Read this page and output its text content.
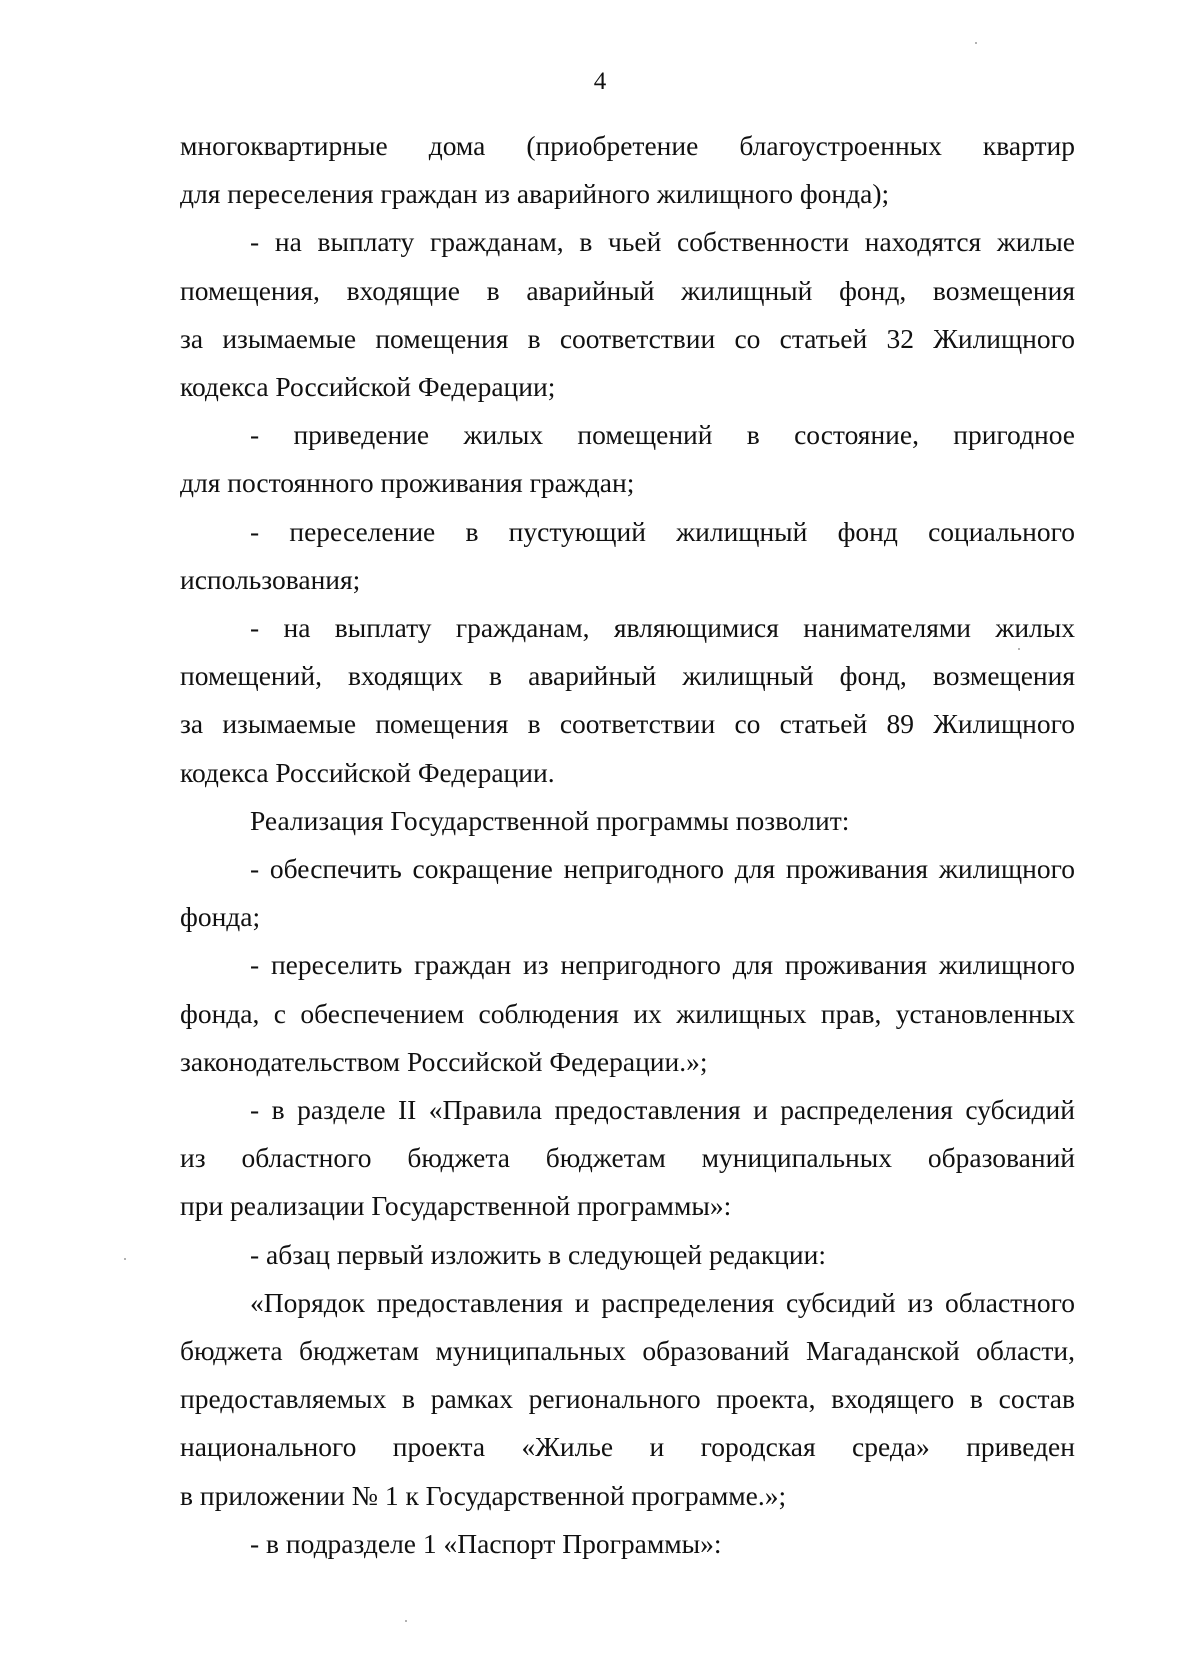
4
многоквартирные дома (приобретение благоустроенных квартир
для переселения граждан из аварийного жилищного фонда);
- на выплату гражданам, в чьей собственности находятся жилые
помещения, входящие в аварийный жилищный фонд, возмещения
за изымаемые помещения в соответствии со статьей 32 Жилищного
кодекса Российской Федерации;
- приведение жилых помещений в состояние, пригодное
для постоянного проживания граждан;
- переселение в пустующий жилищный фонд социального
использования;
- на выплату гражданам, являющимися нанимателями жилых
помещений, входящих в аварийный жилищный фонд, возмещения
за изымаемые помещения в соответствии со статьей 89 Жилищного
кодекса Российской Федерации.
Реализация Государственной программы позволит:
- обеспечить сокращение непригодного для проживания жилищного
фонда;
- переселить граждан из непригодного для проживания жилищного
фонда, с обеспечением соблюдения их жилищных прав, установленных
законодательством Российской Федерации.»;
- в разделе II «Правила предоставления и распределения субсидий
из областного бюджета бюджетам муниципальных образований
при реализации Государственной программы»:
- абзац первый изложить в следующей редакции:
«Порядок предоставления и распределения субсидий из областного
бюджета бюджетам муниципальных образований Магаданской области,
предоставляемых в рамках регионального проекта, входящего в состав
национального проекта «Жилье и городская среда» приведен
в приложении № 1 к Государственной программе.»;
- в подразделе 1 «Паспорт Программы»:
